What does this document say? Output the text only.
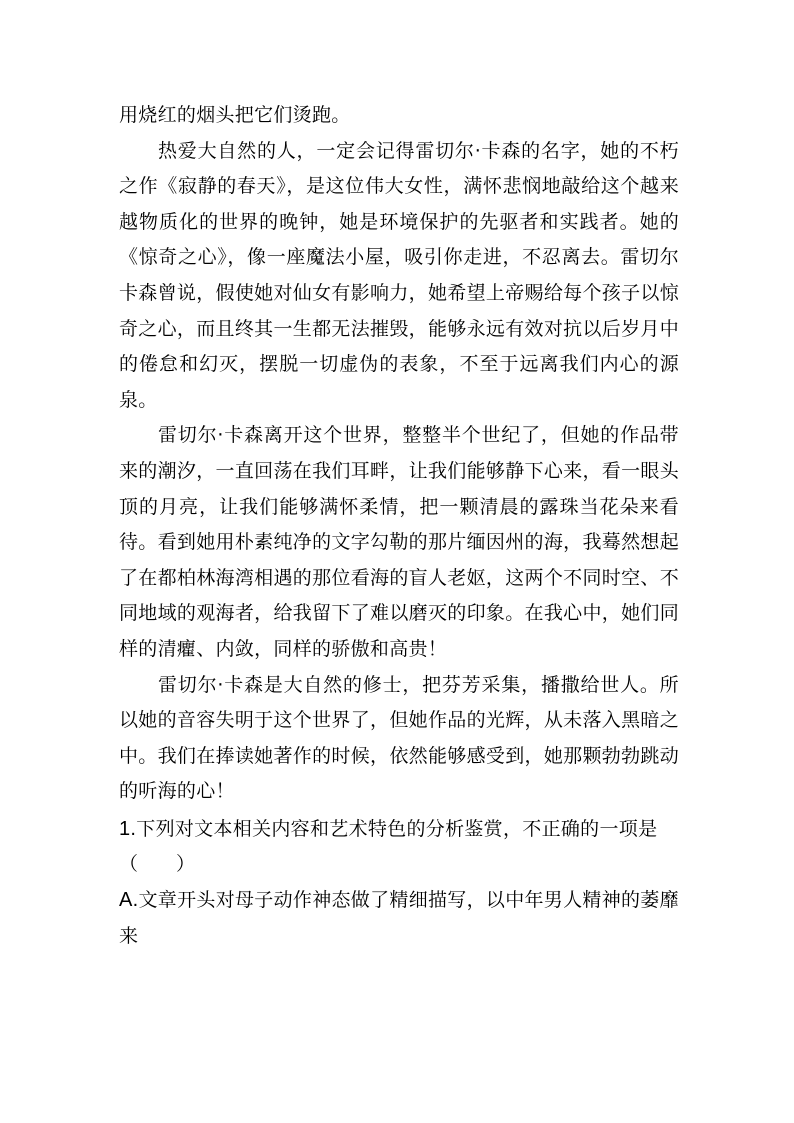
用烧红的烟头把它们烫跑。

热爱大自然的人，一定会记得雷切尔·卡森的名字，她的不朽之作《寂静的春天》，是这位伟大女性，满怀悲悯地敲给这个越来越物质化的世界的晚钟，她是环境保护的先驱者和实践者。她的《惊奇之心》，像一座魔法小屋，吸引你走进，不忍离去。雷切尔卡森曾说，假使她对仙女有影响力，她希望上帝赐给每个孩子以惊奇之心，而且终其一生都无法摧毁，能够永远有效对抗以后岁月中的倦怠和幻灭，摆脱一切虚伪的表象，不至于远离我们内心的源泉。

雷切尔·卡森离开这个世界，整整半个世纪了，但她的作品带来的潮汐，一直回荡在我们耳畔，让我们能够静下心来，看一眼头顶的月亮，让我们能够满怀柔情，把一颗清晨的露珠当花朵来看待。看到她用朴素纯净的文字勾勒的那片缅因州的海，我蓦然想起了在都柏林海湾相遇的那位看海的盲人老妪，这两个不同时空、不同地域的观海者，给我留下了难以磨灭的印象。在我心中，她们同样的清癯、内敛，同样的骄傲和高贵！

雷切尔·卡森是大自然的修士，把芬芳采集，播撒给世人。所以她的音容失明于这个世界了，但她作品的光辉，从未落入黑暗之中。我们在捧读她著作的时候，依然能够感受到，她那颗勃勃跳动的听海的心！

1.下列对文本相关内容和艺术特色的分析鉴赏，不正确的一项是

（　　）

A.文章开头对母子动作神态做了精细描写，以中年男人精神的萎靡来
